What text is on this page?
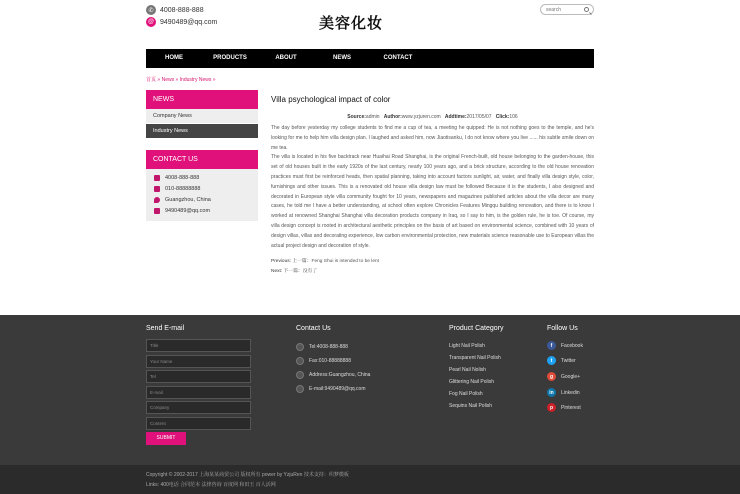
✆ 4008-888-888
@ 9490489@qq.com	美容化妆
search
HOME	PRODUCTS	ABOUT	NEWS	CONTACT
首页 » News » Industry News »
NEWS
Company News
Industry News
CONTACT US
4008-888-888
010-88888888
Guangzhou, China
9490489@qq.com
Villa psychological impact of color
Source:admin Author:www.yzjuren.com Addtime:2017/05/07 Click:106

The day before yesterday my college students to find me a cup of tea, a meeting he quipped: He is not nothing goes to the temple, and he's looking for me to help him villa design plan. I laughed and asked him, now Jiaotisanku, I do not know where you live ...... his subtle smile down on me tea.

The villa is located in his five backtrack near Huaihai Road Shanghai, is the original French-built, old house belonging to the garden-house, this set of old houses built in the early 1920s of the last century, nearly 100 years ago, and a brick structure, according to the old house renovation practices must first be reinforced heads, then spatial planning, taking into account factors sunlight, air, water, and finally villa design style, color, furnishings and other issues. This is a renovated old house villa design law must be followed Because it is the students, I also designed and decorated in European style villa community fought for 10 years, newspapers and magazines published articles about the villa decor are many cases, he told me I have a better understanding, at school often explore Chronicles Features Mingqu building renovation, and there is to know I worked at renowned Shanghai Shanghai villa decoration products company in Iraq, so I say to him, is the golden rule, he is toe. Of course, my villa design concept is rooted in architectural aesthetic principles on the basis of art based on environmental science, combined with 10 years of design villas, villas and decorating experience, low carbon environmental protection, new materials science reasonable use to European villas the actual project design and decoration of style.

Previous: 上一篇：Feng Shui is intended to be lent
Next: 下一篇：没有了
Send E-mail
Title
Your Name
Tel
E-mail
Company
Content
SUBMIT
Contact Us
Tel:4008-888-888
Fax:010-88888888
Address:Guangzhou, China
E-mail:9490489@qq.com
Product Category
Light Nail Polish
Transparent Nail Polish
Pearl Nail Nolish
Glittering Nail Polish
Fog Nail Polish
Sequins Nail Polish
Follow Us
f	Facebook
t	Twitter
g	Google+
in	Linkedin
p	Pinterest
Copyright © 2002-2017 上海某某商贸公司 版权所有 power by YzjuRen 技术支持：织梦模板
Links: 400电话 合同范本 法律咨询 百度网 和田玉 百人活网
